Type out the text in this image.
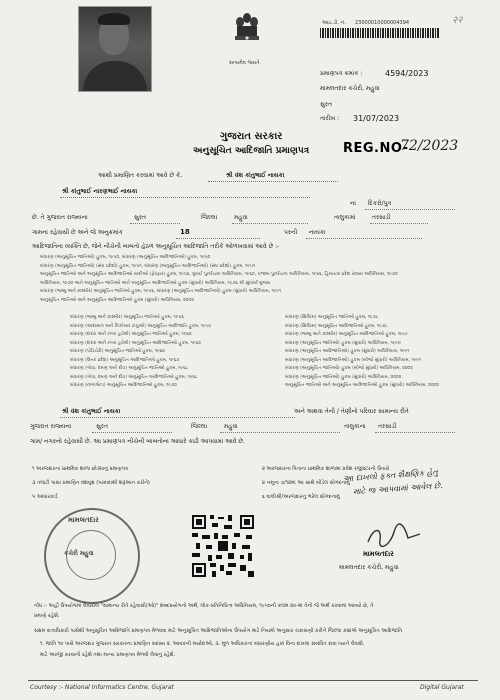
२२
સત્યમેવ જયતે
આઇ.ડી. નં. 23000010000004394
પ્રમાણપત્ર ક્રમાંક :	4594/2023
મામલતદાર કચેરી, મહુવા
સુરત
તારીખ : 31/07/2023
ગુજરાત સરકાર
અનુસૂચિત આદિજાતિ પ્રમાણપત્ર	REG.NO-
72/2023
આથી પ્રમાણિત કરવામાં આવે છે કે,	શ્રી વંશ કાંતુભાઈ નાયકા
શ્રી કાંતુભાઈ નારણભાઈ નાયકા
ના દિકરો/પુત્ર
છે. તે ગુજરાત રાજ્યના	સુરત	જિલ્લા	મહુવા	તાલુકામાં	તરસાડી
ગામના રહેવાસી છે અને જે અનુક્રમાંક	18	પરની નાયકા
આદિજાતિના વ્યક્તિ છે, જેને નીચેની બાબતો હેઠળ અનુસૂચિત આદિજાતિ તરીકે ઓળખવામાં આવે છે :-
બંધારણ (અનુસૂચિત જાતિઓ) હુકમ, ૧૯૫૦, બંધારણ (અનુસૂચિત આદિજાતિઓ) હુકમ, ૧૯૫૦
બંધારણ (અનુસૂચિત જાતિઓ) (સંઘ પ્રદેશો) હુકમ, ૧૯૫૧, બંધારણ (અનુસૂચિત આદિજાતિઓ) (સંઘ પ્રદેશો) હુકમ, ૧૯૫૧
અનુસૂચિત જાતિઓ અને અનુસૂચિત આદિજાતિઓ યાદીઓ (ફેરફાર) હુકમ, ૧૯૫૬, મુંબઈ પુનર્રચના અધિનિયમ, ૧૯૬૦, પંજાબ પુનર્રચના અધિનિયમ, ૧૯૬૬, હિમાચલ પ્રદેશ રાજ્ય અધિનિયમ, ૧૯૭૦
અધિનિયમ, ૧૯૭૦ અને અનુસૂચિત જાતિઓ અને અનુસૂચિત આદિજાતિઓ હુકમ (સુધારો) અધિનિયમ, ૧૯૭૬ થી સુધાર્યા મુજબ
બંધારણ (જમ્મુ અને કાશ્મીર) અનુસૂચિત જાતિઓ હુકમ, ૧૯૫૬, બંધારણ (અનુસૂચિત આદિજાતિઓ) હુકમ (સુધારો) અધિનિયમ, ૧૯૯૧
અનુસૂચિત જાતિઓ અને અનુસૂચિત આદિજાતિઓ હુકમ (સુધારો) અધિનિયમ, ૨૦૦૨
બંધારણ (જમ્મુ અને કાશ્મીર) અનુસૂચિત જાતિઓ હુકમ, ૧૯૫૬
બંધારણ (આંદામાન અને નિકોબાર ટાપુઓ) અનુસૂચિત આદિજાતિ હુકમ, ૧૯૫૯
બંધારણ (દાદરા અને નગર હવેલી) અનુસૂચિત જાતિઓ હુકમ, ૧૯૬૨
બંધારણ (દાદરા અને નગર હવેલી) અનુસૂચિત આદિજાતિઓ હુકમ, ૧૯૬૨
બંધારણ (પોંડિચેરી) અનુસૂચિત જાતિઓ હુકમ, ૧૯૬૪
બંધારણ (ઉત્તર પ્રદેશ) અનુસૂચિત આદિજાતિઓ હુકમ, ૧૯૬૭
બંધારણ (ગોવા, દમણ અને દીવ) અનુસૂચિત જાતિઓ હુકમ, ૧૯૬૮
બંધારણ (ગોવા, દમણ અને દીવ) અનુસૂચિત આદિજાતિઓ હુકમ, ૧૯૬૮
બંધારણ (નાગાલેન્ડ) અનુસૂચિત આદિજાતિઓ હુકમ, ૧૯૭૦
બંધારણ (સિક્કિમ) અનુસૂચિત જાતિઓ હુકમ, ૧૯૭૮
બંધારણ (સિક્કિમ) અનુસૂચિત આદિજાતિઓ હુકમ, ૧૯૭૮
બંધારણ (જમ્મુ અને કાશ્મીર) અનુસૂચિત આદિજાતિઓ હુકમ, ૧૯૮૯
બંધારણ (અનુસૂચિત જાતિઓ) હુકમ (સુધારો) અધિનિયમ, ૧૯૯૦
બંધારણ (અનુસૂચિત આદિજાતિઓ) હુકમ (સુધારો) અધિનિયમ, ૧૯૯૧
બંધારણ (અનુસૂચિત આદિજાતિઓ) હુકમ (બીજો સુધારો) અધિનિયમ, ૧૯૯૧
બંધારણ (અનુસૂચિત જાતિઓ) હુકમ (બીજો સુધારો) અધિનિયમ, ૨૦૦૨
બંધારણ (અનુસૂચિત જાતિઓ) હુકમ (સુધારો) અધિનિયમ, ૨૦૦૨
અનુસૂચિત જાતિઓ અને અનુસૂચિત આદિજાતિઓ હુકમ (સુધારો) અધિનિયમ, ૨૦૦૨
શ્રી વંશ કાંતુભાઈ નાયકા	અને અથવા તેની / તેણીનો પરિવાર સામાન્ય રીતે
ગુજરાત રાજ્યના	સુરત	જિલ્લા	મહુવા	તાલુકાના તરસાડી
ગામ/ નગરનો રહેવાસી છે. આ પ્રમાણપત્ર નીચેની બાબતોના આધારે કાઢી આપવામાં આવે છે.
૧ અરજદારના પ્રાથમિક શાળા છોડ્યાનું પ્રમાણપત્ર	૨ અરજદારના પિતાના પ્રાથમિક શાળામાં પ્રવેશ રજીસ્ટરનો ઉતારો
૩ તલાટી પાસા પ્રમાણિત વંશવૃક્ષ (પરદાદાથી શરૂઆત કરીને)	૪ નમૂના ૭/૧૨માં આ સાથે બીડેલ સોગંદનામું
૫ આધારકાર્ડ	૬ વાલીશ્રી/અરજદારનું ભરેલ સોગંદનામું
આ દાખલો ફક્ત શૈક્ષણિક હેતુ
માટે જ આપવામાં આવેલ છે.
મામલતદાર
કચેરી મહુવા	મામલતદાર
મામલતદાર કચેરી, મહુવા
નોંધ :- અહીં ઉપયોગમાં લેવાયેલ "સામાન્ય રીતે રહેવાસી(ઓ)" શબ્દપ્રયોગનો અર્થ, લોક-પ્રતિનિધિત્વ અધિનિયમ, ૧૯૫૦ની કલમ ૨૦-માં તેનો જે અર્થ કરવામાં આવ્યો છે, તે
પ્રમાણે રહેશે.
સક્ષમ સત્તાધિકારી પાસેથી અનુસૂચિત આદિજાતિ પ્રમાણપત્ર મેળવવા માટે અનુસૂચિત આદિજાતિઓના ઉપયોગ માટે નિયમો અનુસાર ચકાસણી કરીને જિલ્લા કક્ષાએ અનુસૂચિત આદિજાતિ
૧. જાતિ ૧૦ પાસે અરજદાર ગુજરાત સરકારના પ્રમાણિત સદસ્ય ૨. આવકની મર્યાદાઓ, ૩. મૂળ અધિકારનાં બંધારણીય હક્ક વિના દાખલા સંબંધિત દાવા ધ્યાને લેવાશે.
માટે અરજી કરવાની રહેશે તથા માન્ય પ્રમાણપત્ર મેળવી લેવાનું રહેશે.
Courtesy :- National Informatics Centre, Gujarat	Digital Gujarat
